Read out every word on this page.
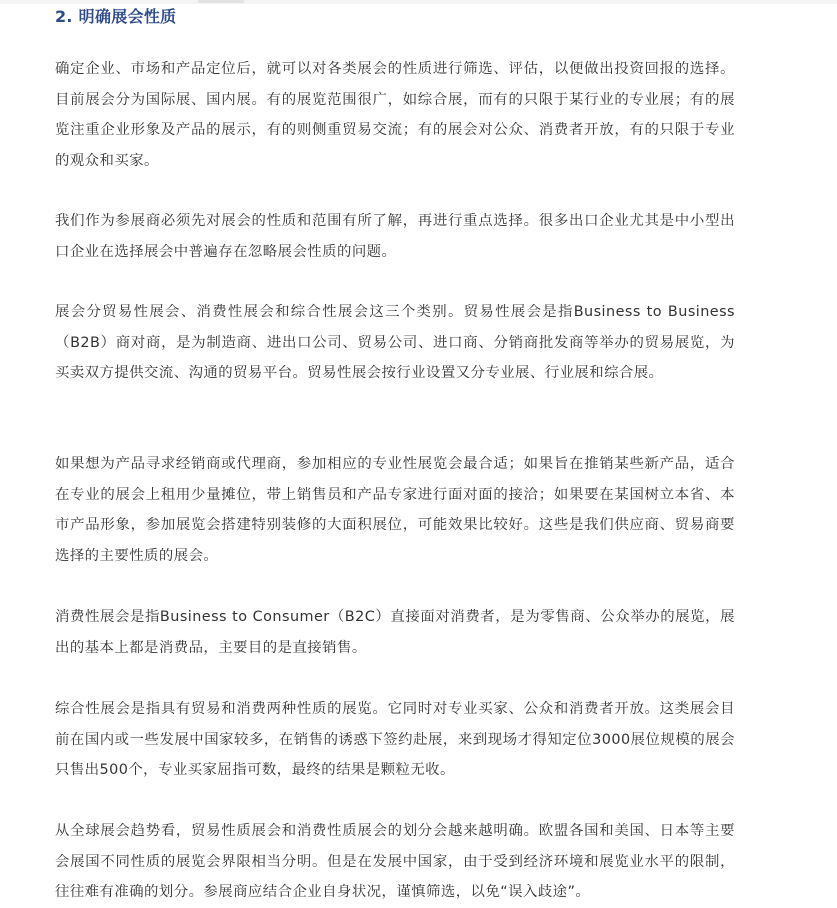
2. 明确展会性质

确定企业、市场和产品定位后，就可以对各类展会的性质进行筛选、评估，以便做出投资回报的选择。目前展会分为国际展、国内展。有的展览范围很广，如综合展，而有的只限于某行业的专业展；有的展览注重企业形象及产品的展示，有的则侧重贸易交流；有的展会对公众、消费者开放，有的只限于专业的观众和买家。

我们作为参展商必须先对展会的性质和范围有所了解，再进行重点选择。很多出口企业尤其是中小型出口企业在选择展会中普遍存在忽略展会性质的问题。

展会分贸易性展会、消费性展会和综合性展会这三个类别。贸易性展会是指Business to Business（B2B）商对商，是为制造商、进出口公司、贸易公司、进口商、分销商批发商等举办的贸易展览，为买卖双方提供交流、沟通的贸易平台。贸易性展会按行业设置又分专业展、行业展和综合展。

如果想为产品寻求经销商或代理商，参加相应的专业性展览会最合适；如果旨在推销某些新产品，适合在专业的展会上租用少量摊位，带上销售员和产品专家进行面对面的接洽；如果要在某国树立本省、本市产品形象，参加展览会搭建特别装修的大面积展位，可能效果比较好。这些是我们供应商、贸易商要选择的主要性质的展会。

消费性展会是指Business to Consumer（B2C）直接面对消费者，是为零售商、公众举办的展览，展出的基本上都是消费品，主要目的是直接销售。

综合性展会是指具有贸易和消费两种性质的展览。它同时对专业买家、公众和消费者开放。这类展会目前在国内或一些发展中国家较多，在销售的诱惑下签约赴展，来到现场才得知定位3000展位规模的展会只售出500个，专业买家屈指可数，最终的结果是颗粒无收。

从全球展会趋势看，贸易性质展会和消费性质展会的划分会越来越明确。欧盟各国和美国、日本等主要会展国不同性质的展览会界限相当分明。但是在发展中国家，由于受到经济环境和展览业水平的限制，往往难有准确的划分。参展商应结合企业自身状况，谨慎筛选，以免“误入歧途”。
